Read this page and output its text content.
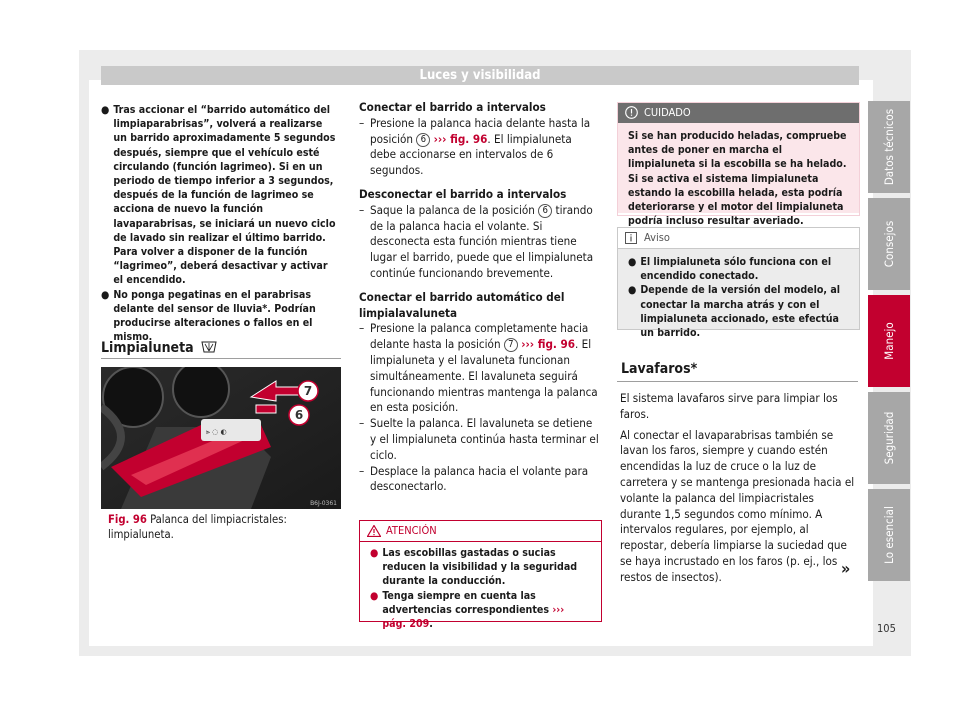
Luces y visibilidad
● Tras accionar el “barrido automático del limpiaparabrisas”, volverá a realizarse un barrido aproximadamente 5 segundos después, siempre que el vehículo esté circulando (función lagrimeo). Si en un periodo de tiempo inferior a 3 segundos, después de la función de lagrimeo se acciona de nuevo la función lavaparabrisas, se iniciará un nuevo ciclo de lavado sin realizar el último barrido. Para volver a disponer de la función “lagrimeo”, deberá desactivar y activar el encendido.
● No ponga pegatinas en el parabrisas delante del sensor de lluvia*. Podrían producirse alteraciones o fallos en el mismo.
Limpialuneta
⫸ ◌ ◐
7
6
B6J-0361
Fig. 96 Palanca del limpiacristales: limpialuneta.
Conectar el barrido a intervalos
– Presione la palanca hacia delante hasta la posición 6 ››› fig. 96. El limpialuneta debe accionarse en intervalos de 6 segundos.
Desconectar el barrido a intervalos
– Saque la palanca de la posición 6 tirando de la palanca hacia el volante. Si desconecta esta función mientras tiene lugar el barrido, puede que el limpialuneta continúe funcionando brevemente.
Conectar el barrido automático del limpialavaluneta
– Presione la palanca completamente hacia delante hasta la posición 7 ››› fig. 96. El limpialuneta y el lavaluneta funcionan simultáneamente. El lavaluneta seguirá funcionando mientras mantenga la palanca en esta posición.
– Suelte la palanca. El lavaluneta se detiene y el limpialuneta continúa hasta terminar el ciclo.
– Desplace la palanca hacia el volante para desconectarlo.
ATENCIÓN
● Las escobillas gastadas o sucias reducen la visibilidad y la seguridad durante la conducción.
● Tenga siempre en cuenta las advertencias correspondientes ››› pág. 209.
CUIDADO
Si se han producido heladas, compruebe antes de poner en marcha el limpialuneta si la escobilla se ha helado. Si se activa el sistema limpialuneta estando la escobilla helada, esta podría deteriorarse y el motor del limpialuneta podría incluso resultar averiado.
Aviso
● El limpialuneta sólo funciona con el encendido conectado.
● Depende de la versión del modelo, al conectar la marcha atrás y con el limpialuneta accionado, este efectúa un barrido.
Lavafaros*
El sistema lavafaros sirve para limpiar los faros.
Al conectar el lavaparabrisas también se lavan los faros, siempre y cuando estén encendidas la luz de cruce o la luz de carretera y se mantenga presionada hacia el volante la palanca del limpiacristales durante 1,5 segundos como mínimo. A intervalos regulares, por ejemplo, al repostar, debería limpiarse la suciedad que se haya incrustado en los faros (p. ej., los restos de insectos).	»
Datos técnicos
Consejos
Manejo
Seguridad
Lo esencial
105
